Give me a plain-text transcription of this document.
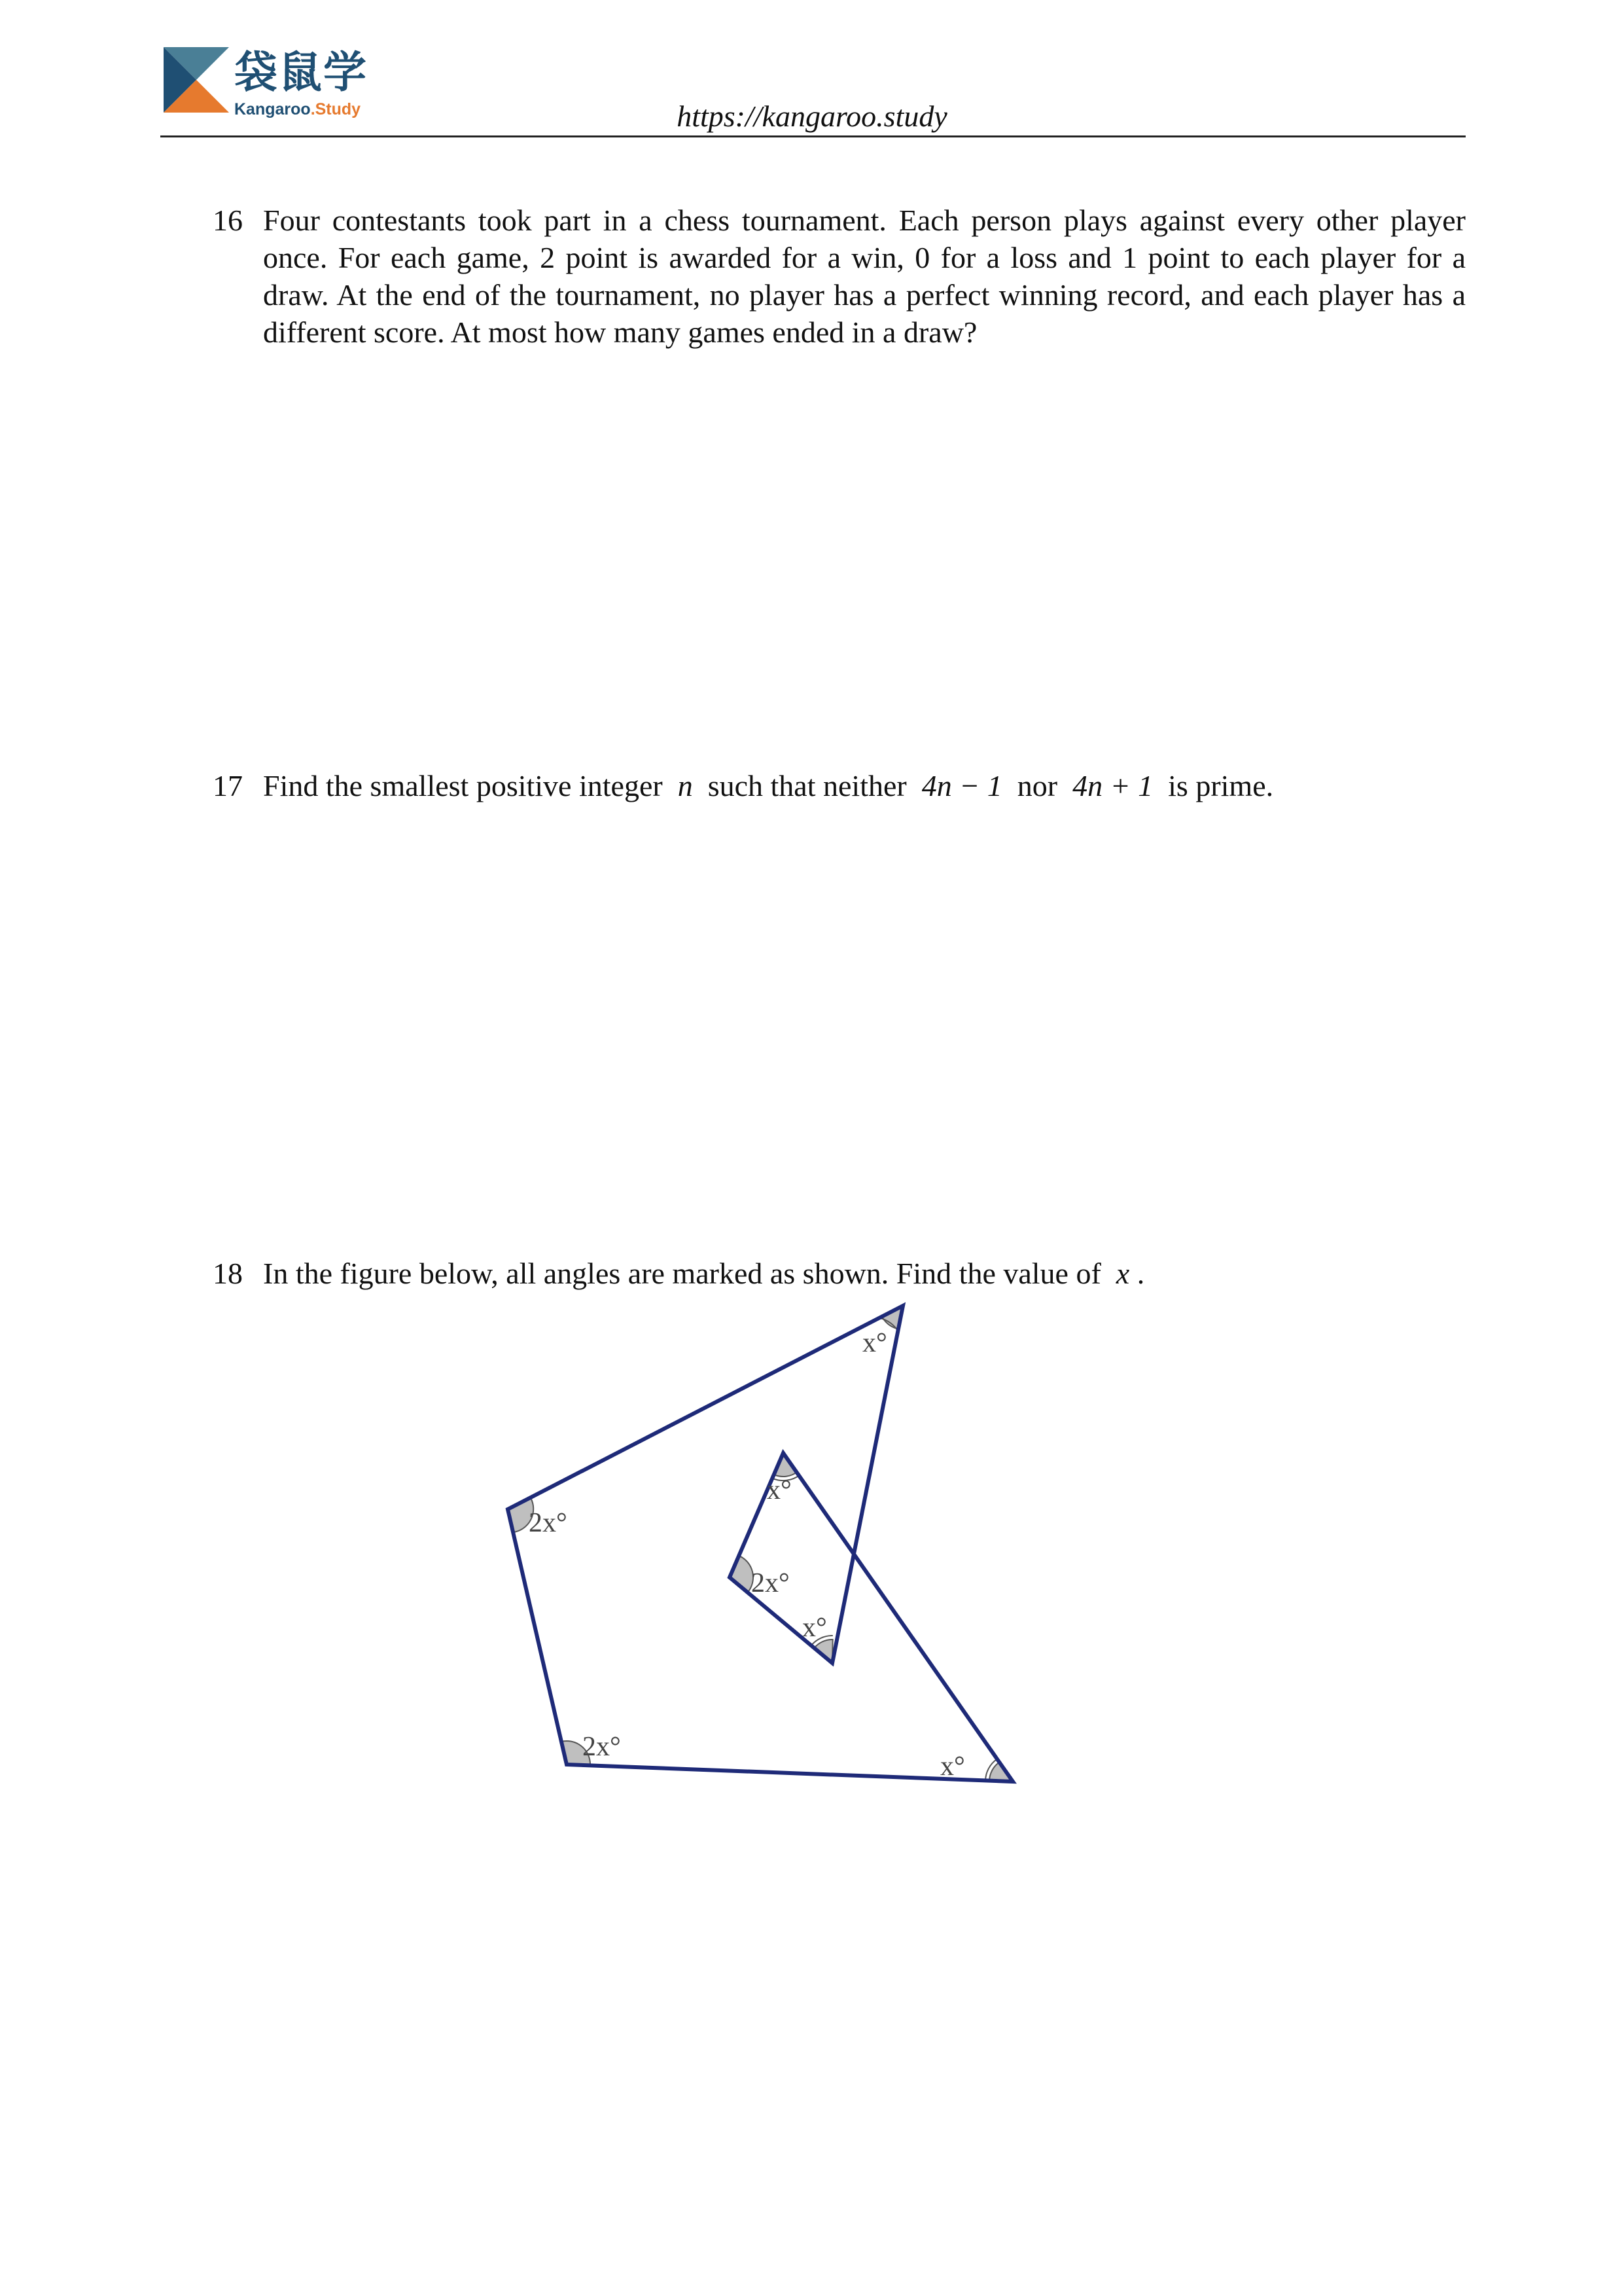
袋鼠学
Kangaroo.Study	https://kangaroo.study
16 Four contestants took part in a chess tournament. Each person plays against every other player once. For each game, 2 point is awarded for a win, 0 for a loss and 1 point to each player for a draw. At the end of the tournament, no player has a perfect winning record, and each player has a different score. At most how many games ended in a draw?
17 Find the smallest positive integer n such that neither 4n − 1 nor 4n + 1 is prime.
18 In the figure below, all angles are marked as shown. Find the value of x .
x°
2x°
2x°
x°
x°
2x°
x°
